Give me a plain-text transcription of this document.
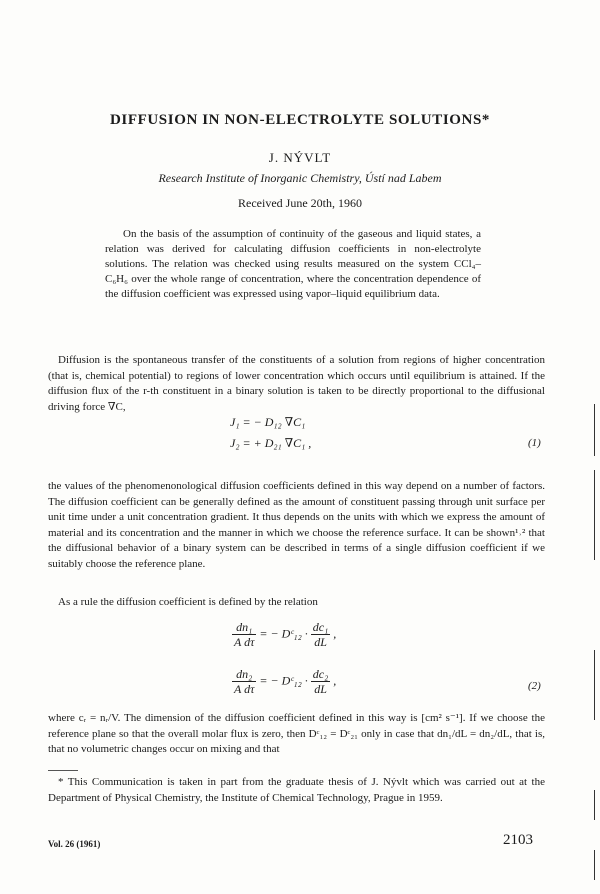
DIFFUSION IN NON-ELECTROLYTE SOLUTIONS*
J. NÝVLT
Research Institute of Inorganic Chemistry, Ústí nad Labem
Received June 20th, 1960

On the basis of the assumption of continuity of the gaseous and liquid states, a relation was derived for calculating diffusion coefficients in non-electrolyte solutions. The relation was checked using results measured on the system CCl₄–C₆H₆ over the whole range of concentration, where the concentration dependence of the diffusion coefficient was expressed using vapor–liquid equilibrium data.

Diffusion is the spontaneous transfer of the constituents of a solution from regions of higher concentration (that is, chemical potential) to regions of lower concentration which occurs until equilibrium is attained. If the diffusion flux of the r-th constituent in a binary solution is taken to be directly proportional to the diffusional driving force ∇C,

J₁ = − D₁₂ ∇C₁
J₂ = + D₂₁ ∇C₁ ,	(1)

the values of the phenomenonological diffusion coefficients defined in this way depend on a number of factors. The diffusion coefficient can be generally defined as the amount of constituent passing through unit surface per unit time under a unit concentration gradient. It thus depends on the units with which we express the amount of material and its concentration and the manner in which we choose the reference surface. It can be shown¹˒² that the diffusional behavior of a binary system can be described in terms of a single diffusion coefficient if we suitably choose the reference plane.

As a rule the diffusion coefficient is defined by the relation

$\frac{\text{dn₁}}{\text{A dτ}}$ = − Dᶜ₁₂ · $\frac{\text{dc₁}}{dL}$ ,
$\frac{\text{dn₂}}{\text{A dτ}}$ = − Dᶜ₁₂ · $\frac{\text{dc₂}}{dL}$ ,	(2)

where cᵣ = nᵣ/V. The dimension of the diffusion coefficient defined in this way is [cm² s⁻¹]. If we choose the reference plane so that the overall molar flux is zero, then Dᶜ₁₂ = Dᶜ₂₁ only in case that dn₁/dL = dn₂/dL, that is, that no volumetric changes occur on mixing and that

* This Communication is taken in part from the graduate thesis of J. Nývlt which was carried out at the Department of Physical Chemistry, the Institute of Chemical Technology, Prague in 1959.

Vol. 26 (1961)	2103
